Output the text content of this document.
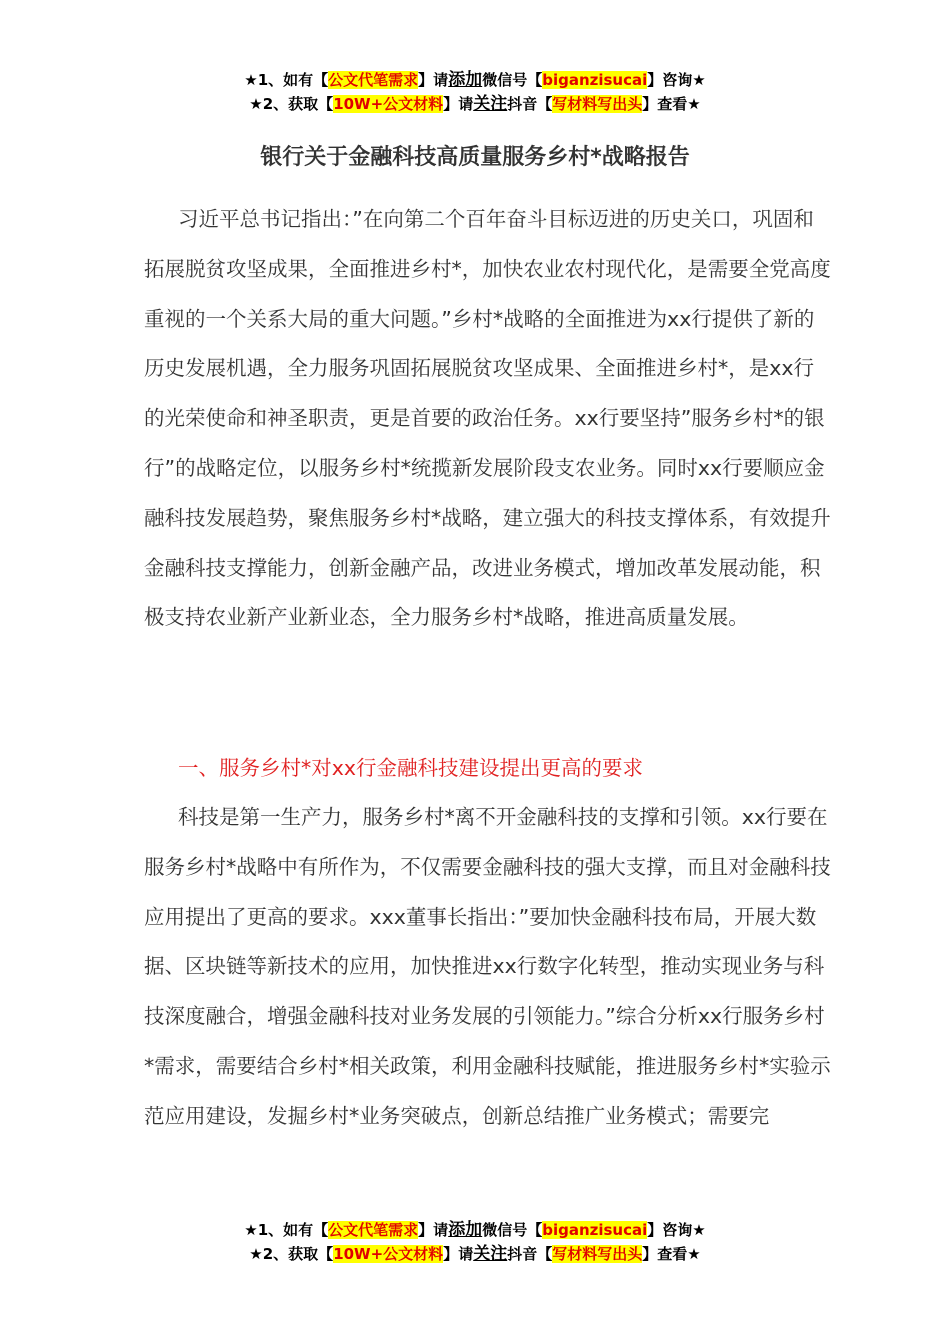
★1、如有【公文代笔需求】请添加微信号【biganzisucai】咨询★
★2、获取【10W+公文材料】请关注抖音【写材料写出头】查看★
银行关于金融科技高质量服务乡村*战略报告

习近平总书记指出：”在向第二个百年奋斗目标迈进的历史关口，巩固和拓展脱贫攻坚成果，全面推进乡村*，加快农业农村现代化，是需要全党高度重视的一个关系大局的重大问题。”乡村*战略的全面推进为xx行提供了新的历史发展机遇，全力服务巩固拓展脱贫攻坚成果、全面推进乡村*，是xx行的光荣使命和神圣职责，更是首要的政治任务。xx行要坚持”服务乡村*的银行”的战略定位，以服务乡村*统揽新发展阶段支农业务。同时xx行要顺应金融科技发展趋势，聚焦服务乡村*战略，建立强大的科技支撑体系，有效提升金融科技支撑能力，创新金融产品，改进业务模式，增加改革发展动能，积极支持农业新产业新业态，全力服务乡村*战略，推进高质量发展。

一、服务乡村*对xx行金融科技建设提出更高的要求

科技是第一生产力，服务乡村*离不开金融科技的支撑和引领。xx行要在服务乡村*战略中有所作为，不仅需要金融科技的强大支撑，而且对金融科技应用提出了更高的要求。xxx董事长指出：”要加快金融科技布局，开展大数据、区块链等新技术的应用，加快推进xx行数字化转型，推动实现业务与科技深度融合，增强金融科技对业务发展的引领能力。”综合分析xx行服务乡村*需求，需要结合乡村*相关政策，利用金融科技赋能，推进服务乡村*实验示范应用建设，发掘乡村*业务突破点，创新总结推广业务模式；需要完

★1、如有【公文代笔需求】请添加微信号【biganzisucai】咨询★
★2、获取【10W+公文材料】请关注抖音【写材料写出头】查看★
